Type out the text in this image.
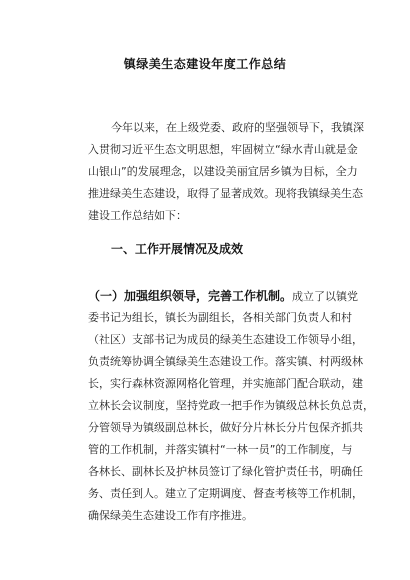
镇绿美生态建设年度工作总结
今年以来，在上级党委、政府的坚强领导下，我镇深
入贯彻习近平生态文明思想，牢固树立“绿水青山就是金
山银山”的发展理念，以建设美丽宜居乡镇为目标，全力
推进绿美生态建设，取得了显著成效。现将我镇绿美生态
建设工作总结如下：
一、工作开展情况及成效
（一）加强组织领导，完善工作机制。成立了以镇党
委书记为组长，镇长为副组长，各相关部门负责人和村
（社区）支部书记为成员的绿美生态建设工作领导小组，
负责统筹协调全镇绿美生态建设工作。落实镇、村两级林
长，实行森林资源网格化管理，并实施部门配合联动，建
立林长会议制度，坚持党政一把手作为镇级总林长负总责，
分管领导为镇级副总林长，做好分片林长分片包保齐抓共
管的工作机制，并落实镇村“一林一员”的工作制度，与
各林长、副林长及护林员签订了绿化管护责任书，明确任
务、责任到人。建立了定期调度、督查考核等工作机制，
确保绿美生态建设工作有序推进。
